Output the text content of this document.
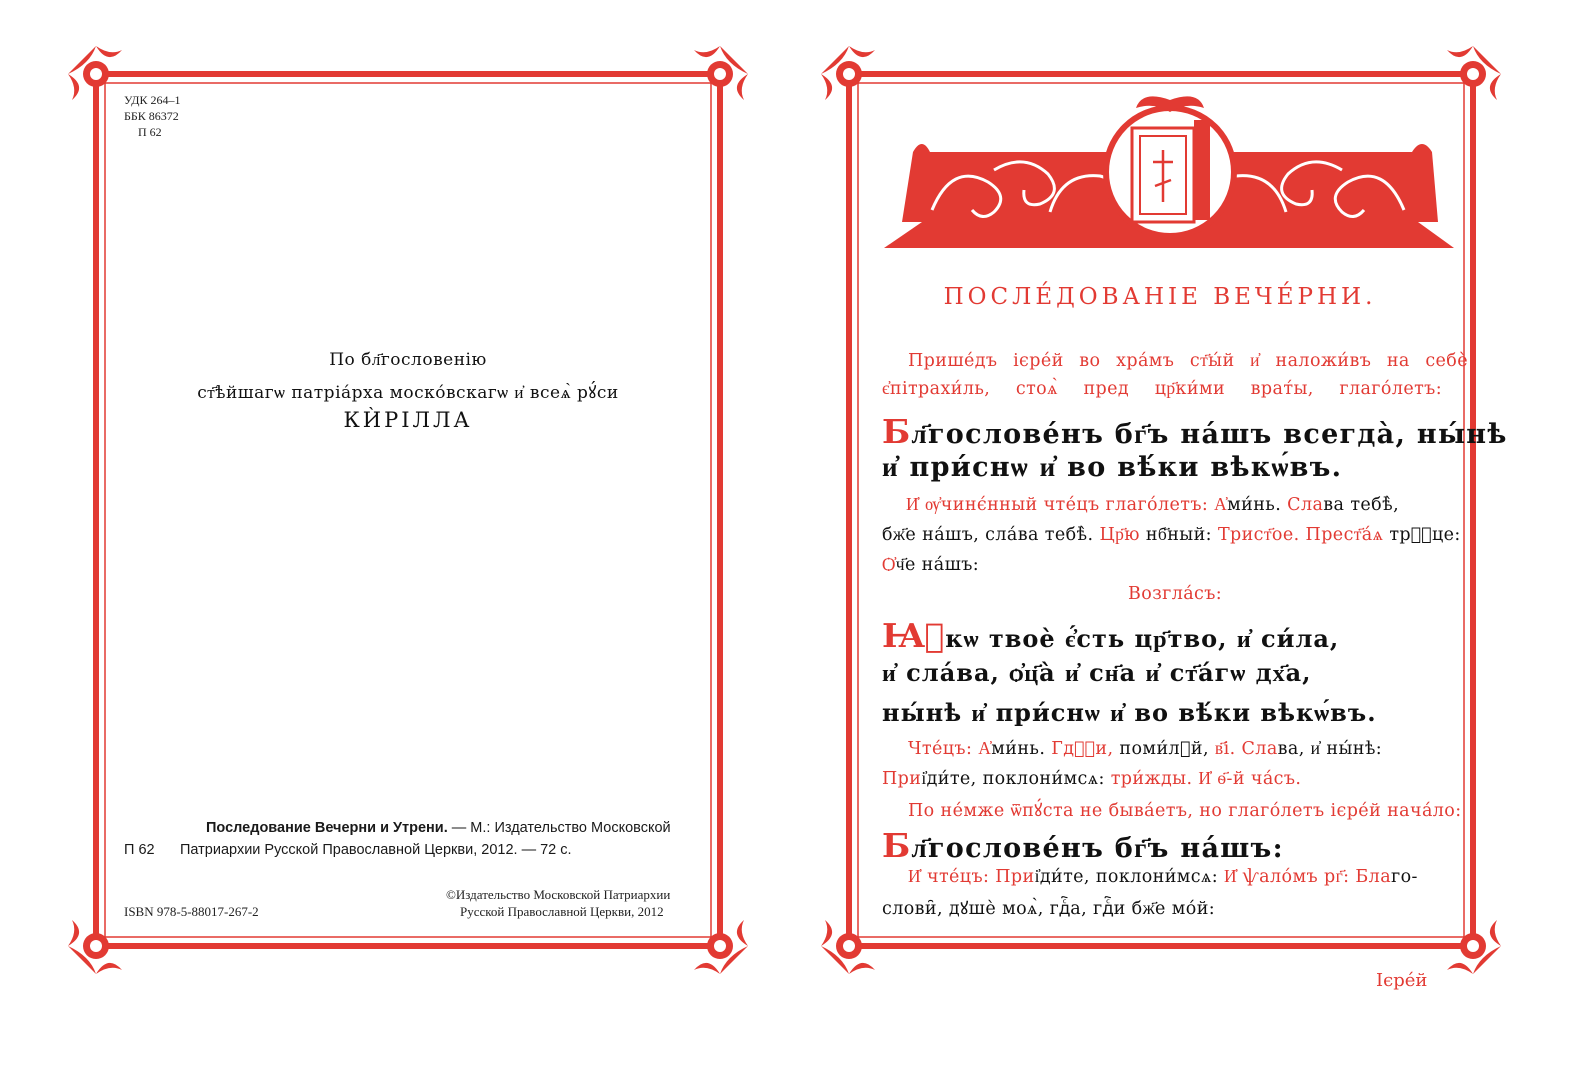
УДК 264–1
ББК 86372
П 62
По бл҃гословенію
ст҃ѣйшагѡ патріа́рха моско́вскагѡ и҆ всеѧ̀ рꙋ́си
КЍРІЛЛА
Последование Вечерни и Утрени. — М.: Издательство Московской
П 62 Патриархии Русской Православной Церкви, 2012. — 72 с.
ISBN 978-5-88017-267-2
©Издательство Московской Патриархии
Русской Православной Церкви, 2012
ПОСЛЕ́ДОВАНІЕ ВЕЧЕ́РНИ.
Прише́дъ ієре́й во хра́мъ ст҃ы́й и҆ наложи́въ на себѐ
є҆пітрахи́ль, стоѧ̀ пред цр҃ки́ми врат́ы, глаго́летъ:
Бл҃гослове́нъ бг҃ъ на́шъ всегда̀, ны́нѣ
и҆ при́снѡ и҆ во вѣ́ки вѣкѡ́въ.
И҆ ѹ҆чинє́нный чте́цъ глаго́летъ: А҆ми́нь. Слава тебѣ̀,
бж҃е на́шъ, сла́ва тебѣ̀. Цр҃ю нб҃ный: Трист҃ое. Прест҃а́ѧ трⷪ҇це:
Ѻ҆ч҃е на́шъ:
Возгла́съ:
Ꙗ҆кѡ твоѐ є҆́сть цр҃тво, и҆ си́ла,
и҆ сла́ва, ѻ҆ц҃а̀ и҆ сн҃а и҆ ст҃а́гѡ дх҃а,
ны́нѣ и҆ при́снѡ и҆ во вѣ́ки вѣкѡ́въ.
Чте́цъ: А҆ми́нь. Гдⷭ҇и, поми́лꙋй, в҃і. Слава, и҆ ны́нѣ:
Приі҆ди́те, поклони́мсѧ: три́жды. И҆ ѳ҃-й ча́съ.
По не́мже ѿпꙋ́ста не быва́етъ, но глаго́летъ ієре́й нача́ло:
Бл҃гослове́нъ бг҃ъ на́шъ:
И҆ чте́цъ: Приі҆ди́те, поклони́мсѧ: И҆ ѱало́мъ рг҃: Благо-
слови̑, дꙋшѐ моѧ̀, гдⷭ҇а, гдⷭ҇и бж҃е мо́й:
Ієре́й
